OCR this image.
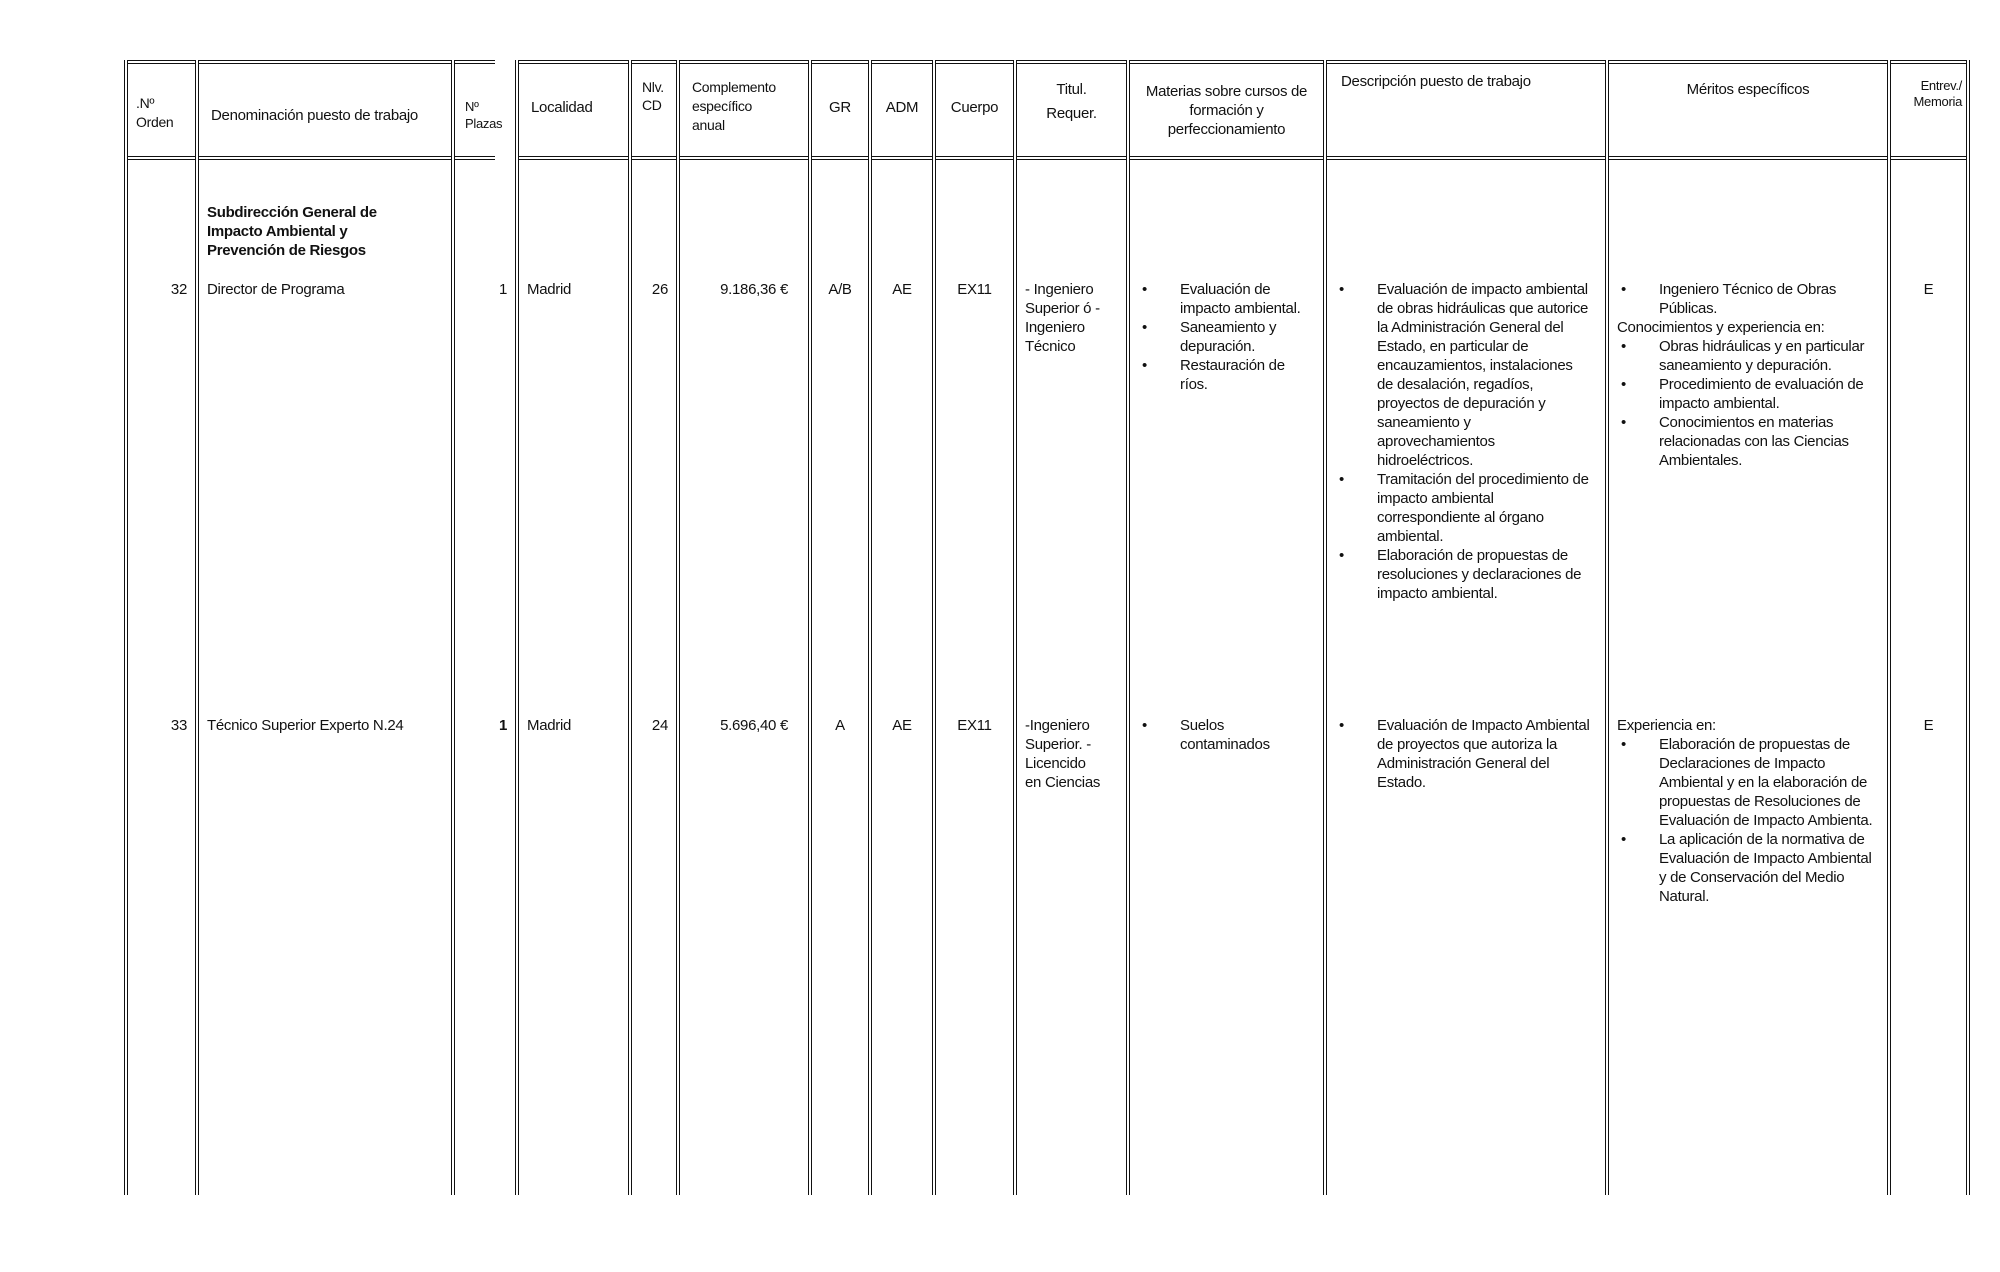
.Nº Orden
32
33
Denominación puesto de trabajo
Subdirección General de Impacto Ambiental y Prevención de Riesgos
Director de Programa
Técnico Superior Experto N.24
Nº Plazas
1
1
Localidad
Madrid
Madrid
Nlv. CD
26
24
Complemento específico anual
9.186,36 €
5.696,40 €
GR
A/B
A
ADM
AE
AE
Cuerpo
EX11
EX11
Titul. Requer.
- Ingeniero Superior ó - Ingeniero Técnico
-Ingeniero Superior. -Licencido en Ciencias
Materias sobre cursos de formación y perfeccionamiento
• Evaluación de impacto ambiental.
• Saneamiento y depuración.
• Restauración de ríos.
• Suelos contaminados
Descripción puesto de trabajo
• Evaluación de impacto ambiental de obras hidráulicas que autorice la Administración General del Estado, en particular de encauzamientos, instalaciones de desalación, regadíos, proyectos de depuración y saneamiento y aprovechamientos hidroeléctricos.
• Tramitación del procedimiento de impacto ambiental correspondiente al órgano ambiental.
• Elaboración de propuestas de resoluciones y declaraciones de impacto ambiental.
• Evaluación de Impacto Ambiental de proyectos que autoriza la Administración General del Estado.
Méritos específicos
• Ingeniero Técnico de Obras Públicas.
Conocimientos y experiencia en:
• Obras hidráulicas y en particular saneamiento y depuración.
• Procedimiento de evaluación de impacto ambiental.
• Conocimientos en materias relacionadas con las Ciencias Ambientales.
Experiencia en:
• Elaboración de propuestas de Declaraciones de Impacto Ambiental y en la elaboración de propuestas de Resoluciones de Evaluación de Impacto Ambienta.
• La aplicación de la normativa de Evaluación de Impacto Ambiental y de Conservación del Medio Natural.
Entrev./ Memoria
E
E
